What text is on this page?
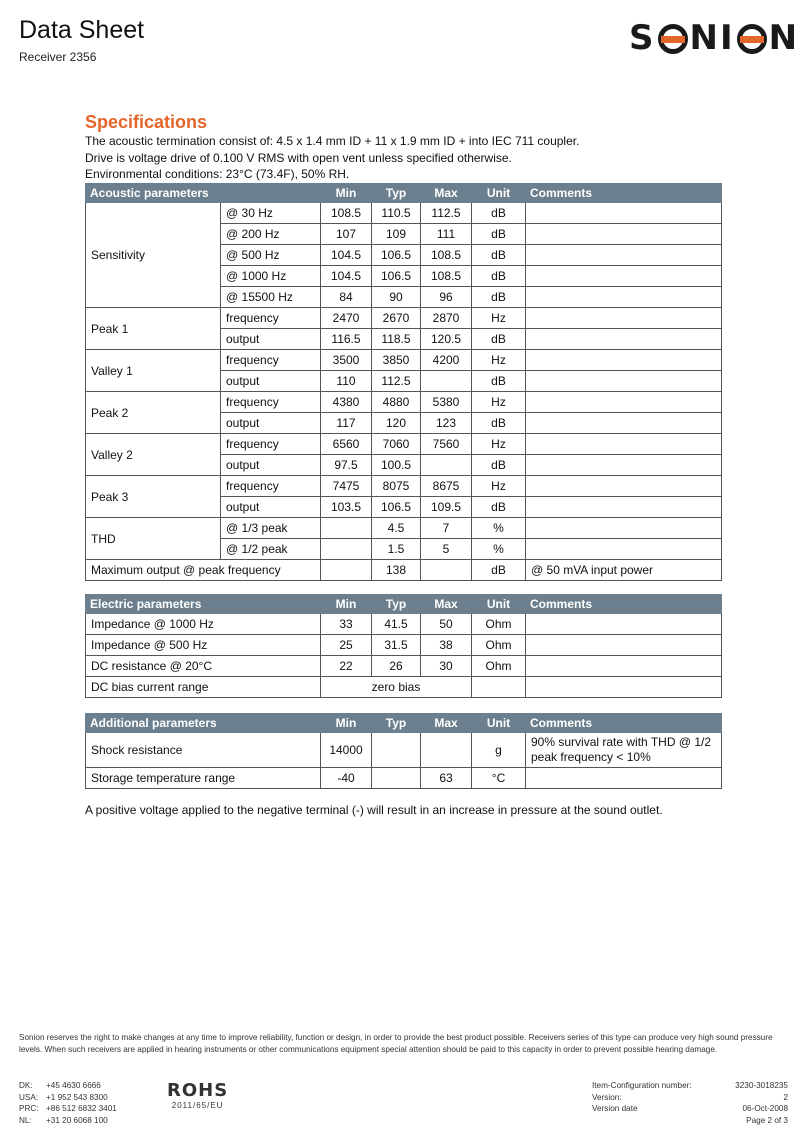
Data Sheet
Receiver 2356	S N I N
Specifications
The acoustic termination consist of: 4.5 x 1.4 mm ID + 11 x 1.9 mm ID + into IEC 711 coupler.
Drive is voltage drive of 0.100 V RMS with open vent unless specified otherwise.
Environmental conditions: 23°C (73.4F), 50% RH.
Acoustic parameters		Min	Typ	Max	Unit	Comments
Sensitivity	@ 30 Hz	108.5	110.5	112.5	dB	
	@ 200 Hz	107	109	111	dB	
	@ 500 Hz	104.5	106.5	108.5	dB	
	@ 1000 Hz	104.5	106.5	108.5	dB	
	@ 15500 Hz	84	90	96	dB	
Peak 1	frequency	2470	2670	2870	Hz	
	output	116.5	118.5	120.5	dB	
Valley 1	frequency	3500	3850	4200	Hz	
	output	110	112.5		dB	
Peak 2	frequency	4380	4880	5380	Hz	
	output	117	120	123	dB	
Valley 2	frequency	6560	7060	7560	Hz	
	output	97.5	100.5		dB	
Peak 3	frequency	7475	8075	8675	Hz	
	output	103.5	106.5	109.5	dB	
THD	@ 1/3 peak		4.5	7	%	
	@ 1/2 peak		1.5	5	%	
Maximum output @ peak frequency			138		dB	@ 50 mVA input power
Electric parameters	Min	Typ	Max	Unit	Comments
Impedance @ 1000 Hz	33	41.5	50	Ohm	
Impedance @ 500 Hz	25	31.5	38	Ohm	
DC resistance @ 20°C	22	26	30	Ohm	
DC bias current range	zero bias				
Additional parameters	Min	Typ	Max	Unit	Comments
Shock resistance	14000			g	90% survival rate with THD @ 1/2 peak frequency < 10%
Storage temperature range	-40		63	°C	
A positive voltage applied to the negative terminal (-) will result in an increase in pressure at the sound outlet.
Sonion reserves the right to make changes at any time to improve reliability, function or design, in order to provide the best product possible. Receivers series of this type can produce very high sound pressure levels. When such receivers are applied in hearing instruments or other communications equipment special attention should be paid to this capacity in order to prevent possible hearing damage.
DK:	+45 4630 6666
USA: +1 952 543 8300
PRC: +86 512 6832 3401
NL:	+31 20 6068 100
ROHS
2011/65/EU
Item-Configuration number:	3230-3018235
Version:	2
Version date	06-Oct-2008
Page 2 of 3
